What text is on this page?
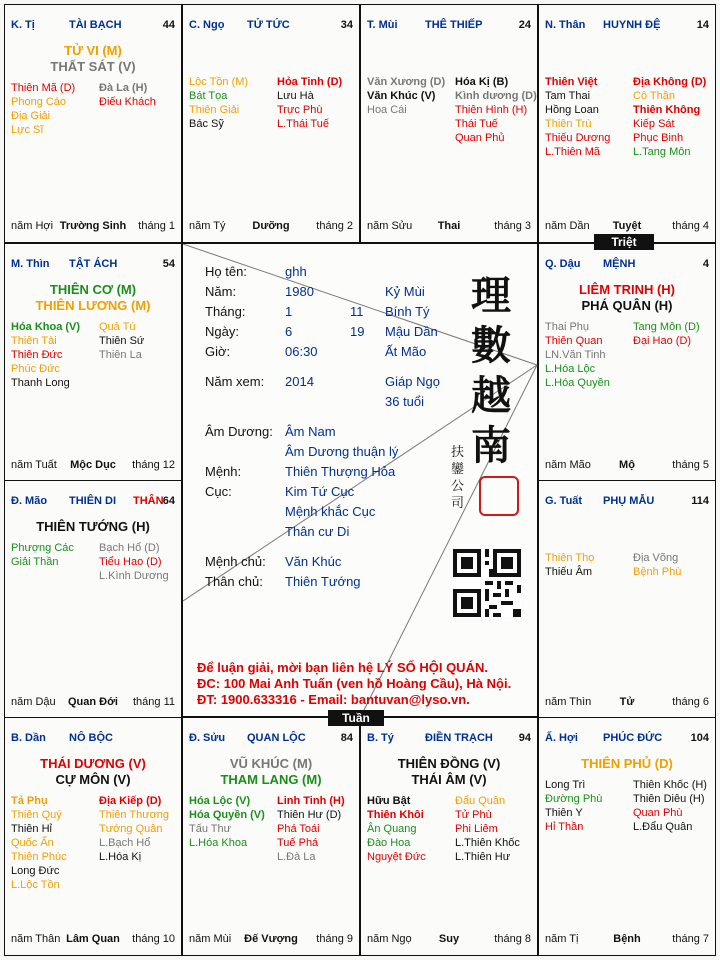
K. Tị	TÀI BẠCH	44
TỬ VI (M)
THẤT SÁT (V)
Thiên Mã (D)
Phong Cáo
Địa Giải
Lực Sĩ
Đà La (H)
Điếu Khách
năm Hợi Trường Sinh	tháng 1
C. Ngọ TỬ TỨC	34
Lộc Tồn (M)
Bát Tọa
Thiên Giải
Bác Sỹ
Hỏa Tinh (D)
Lưu Hà
Trực Phù
L.Thái Tuế
năm Tý	Dưỡng	tháng 2
T. Mùi THÊ THIẾP	24
Văn Xương (D)
Văn Khúc (V)
Hoa Cái
Hóa Kị (B)
Kình dương (D)
Thiên Hình (H)
Thái Tuế
Quan Phủ
năm Sửu	Thai	tháng 3
N. Thân HUYNH ĐỆ	14
Thiên Việt
Tam Thai
Hồng Loan
Thiên Trù
Thiếu Dương
L.Thiên Mã
Địa Không (D)
Cô Thần
Thiên Không
Kiếp Sát
Phục Binh
L.Tang Môn
năm Dần	Tuyệt	tháng 4
M. Thìn TẬT ÁCH	54
THIÊN CƠ (M)
THIÊN LƯƠNG (M)
Hóa Khoa (V)
Thiên Tài
Thiên Đức
Phúc Đức
Thanh Long
Quả Tú
Thiên Sứ
Thiên La
năm Tuất	Mộc Dục	tháng 12
Q. Dậu MỆNH	4
LIÊM TRINH (H)
PHÁ QUÂN (H)
Thai Phụ
Thiên Quan
LN.Văn Tinh
L.Hóa Lộc
L.Hóa Quyền
Tang Môn (D)
Đại Hao (D)
năm Mão	Mộ	tháng 5
Đ. Mão THIÊN DI THÂN 64
THIÊN TƯỚNG (H)
Phượng Các
Giải Thần
Bạch Hổ (D)
Tiểu Hao (D)
L.Kình Dương
năm Dậu	Quan Đới	tháng 11
G. Tuất PHỤ MẪU	114
Thiên Thọ
Thiếu Âm
Địa Võng
Bệnh Phù
năm Thìn	Tử	tháng 6
B. Dần NÔ BỘC
THÁI DƯƠNG (V)
CỰ MÔN (V)
Tả Phụ
Thiên Quý
Thiên Hỉ
Quốc Ấn
Thiên Phúc
Long Đức
L.Lộc Tồn
Địa Kiếp (D)
Thiên Thương
Tướng Quân
L.Bạch Hổ
L.Hóa Kị
năm Thân Lâm Quan	tháng 10
Đ. Sửu QUAN LỘC	84
VŨ KHÚC (M)
THAM LANG (M)
Hóa Lộc (V)
Hóa Quyền (V)
Tấu Thư
L.Hóa Khoa
Linh Tinh (H)
Thiên Hư (D)
Phá Toái
Tuế Phá
L.Đà La
năm Mùi	Đế Vượng	tháng 9
B. Tý	ĐIỀN TRẠCH 94
THIÊN ĐỒNG (V)
THÁI ÂM (V)
Hữu Bật
Thiên Khôi
Ân Quang
Đào Hoa
Nguyệt Đức
Đẩu Quân
Tử Phù
Phi Liêm
L.Thiên Khốc
L.Thiên Hư
năm Ngọ	Suy	tháng 8
Ấ. Hợi PHÚC ĐỨC	104
THIÊN PHỦ (D)
Long Trì
Đường Phù
Thiên Y
Hỉ Thần
Thiên Khốc (H)
Thiên Diêu (H)
Quan Phù
L.Đẩu Quân
năm Tị	Bệnh	tháng 7
Họ tên:	ghh
Năm:	1980	Kỷ Mùi
Tháng:	1	11 Bính Tý
Ngày:	6	19 Mậu Dần
Giờ:	06:30	Ất Mão
Năm xem: 2014	Giáp Ngọ
36 tuổi
Âm Dương: Âm Nam
Âm Dương thuận lý
Mệnh:	Thiên Thượng Hỏa
Cục:	Kim Tứ Cục
Mệnh khắc Cục
Thân cư Di
Mệnh chủ: Văn Khúc
Thân chủ: Thiên Tướng
理
數
越
南
扶 鑾 公 司
Để luận giải, mời bạn liên hệ LÝ SỐ HỘI QUÁN.
ĐC: 100 Mai Anh Tuấn (ven hồ Hoàng Cầu), Hà Nội.
ĐT: 1900.633316 - Email: bantuvan@lyso.vn.
Triệt
Tuần
